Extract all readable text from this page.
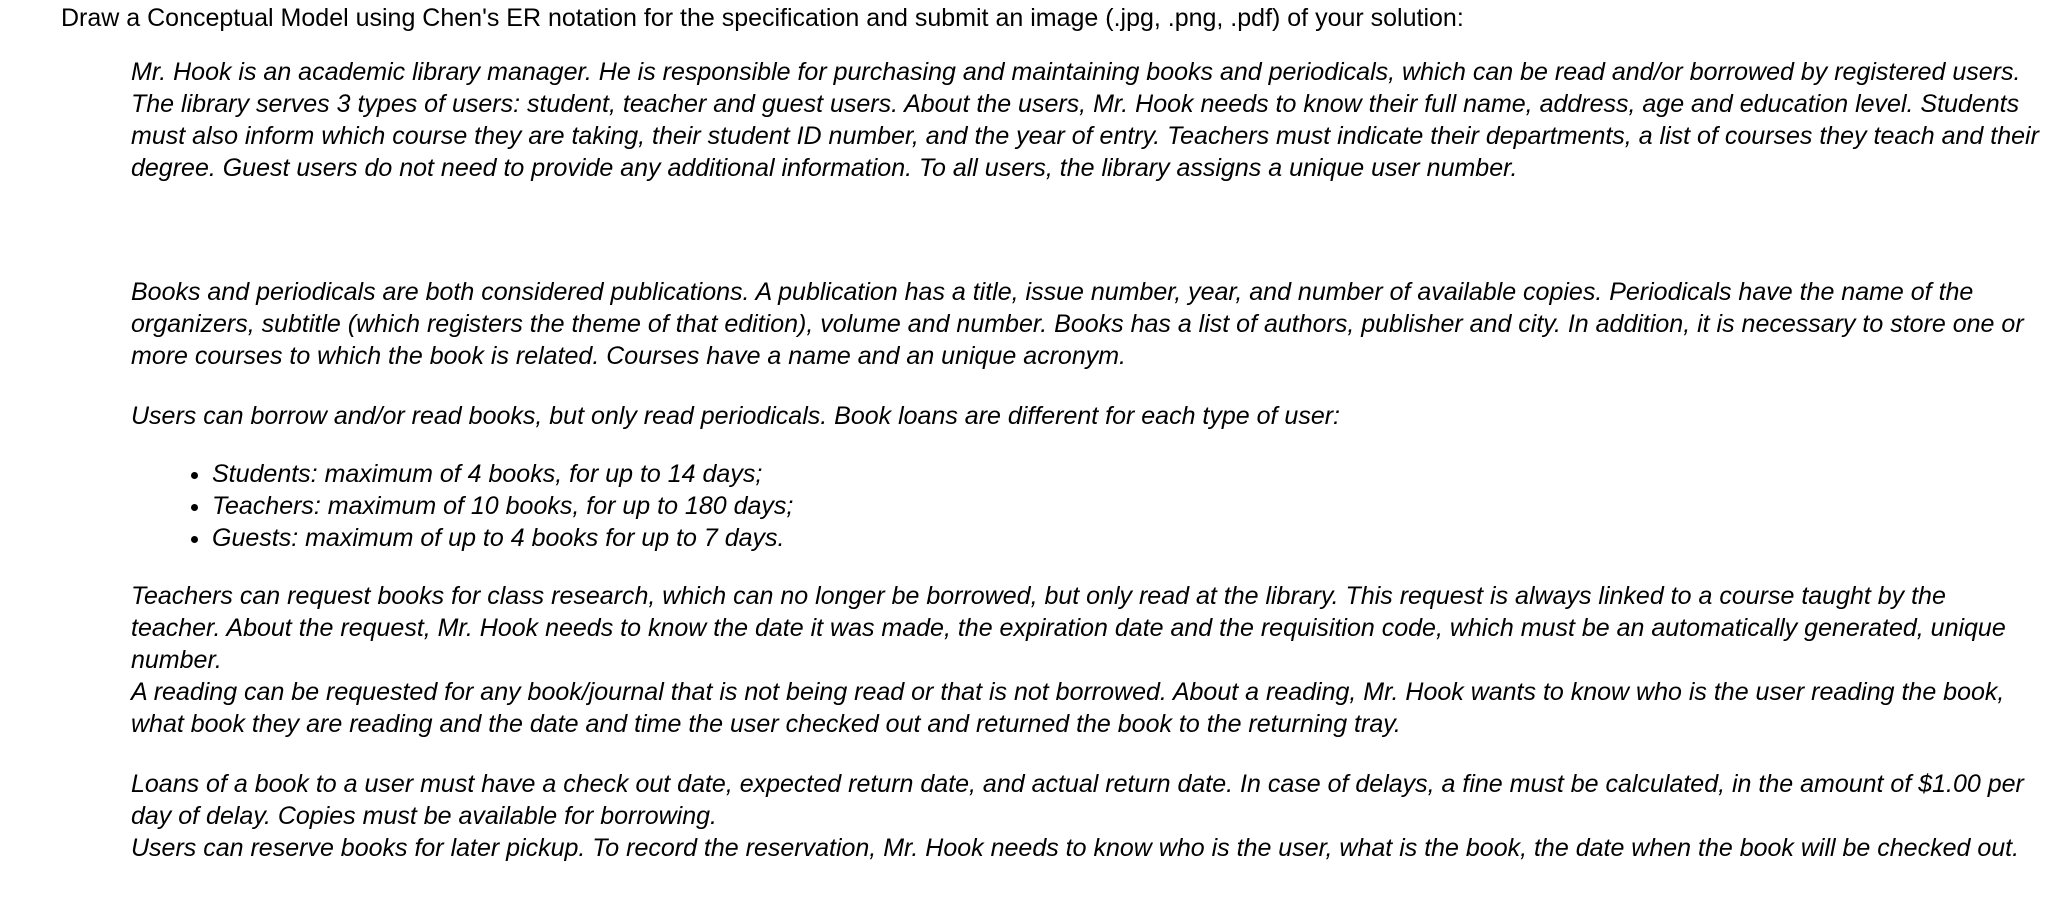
Draw a Conceptual Model using Chen's ER notation for the specification and submit an image (.jpg, .png, .pdf) of your solution:

Mr. Hook is an academic library manager. He is responsible for purchasing and maintaining books and periodicals, which can be read and/or borrowed by registered users. The library serves 3 types of users: student, teacher and guest users. About the users, Mr. Hook needs to know their full name, address, age and education level. Students must also inform which course they are taking, their student ID number, and the year of entry. Teachers must indicate their departments, a list of courses they teach and their degree. Guest users do not need to provide any additional information. To all users, the library assigns a unique user number.

Books and periodicals are both considered publications. A publication has a title, issue number, year, and number of available copies. Periodicals have the name of the organizers, subtitle (which registers the theme of that edition), volume and number. Books has a list of authors, publisher and city. In addition, it is necessary to store one or more courses to which the book is related. Courses have a name and an unique acronym.

Users can borrow and/or read books, but only read periodicals. Book loans are different for each type of user:

• Students: maximum of 4 books, for up to 14 days;
• Teachers: maximum of 10 books, for up to 180 days;
• Guests: maximum of up to 4 books for up to 7 days.

Teachers can request books for class research, which can no longer be borrowed, but only read at the library. This request is always linked to a course taught by the teacher. About the request, Mr. Hook needs to know the date it was made, the expiration date and the requisition code, which must be an automatically generated, unique number.

A reading can be requested for any book/journal that is not being read or that is not borrowed. About a reading, Mr. Hook wants to know who is the user reading the book, what book they are reading and the date and time the user checked out and returned the book to the returning tray.

Loans of a book to a user must have a check out date, expected return date, and actual return date. In case of delays, a fine must be calculated, in the amount of $1.00 per day of delay. Copies must be available for borrowing.

Users can reserve books for later pickup. To record the reservation, Mr. Hook needs to know who is the user, what is the book, the date when the book will be checked out.
